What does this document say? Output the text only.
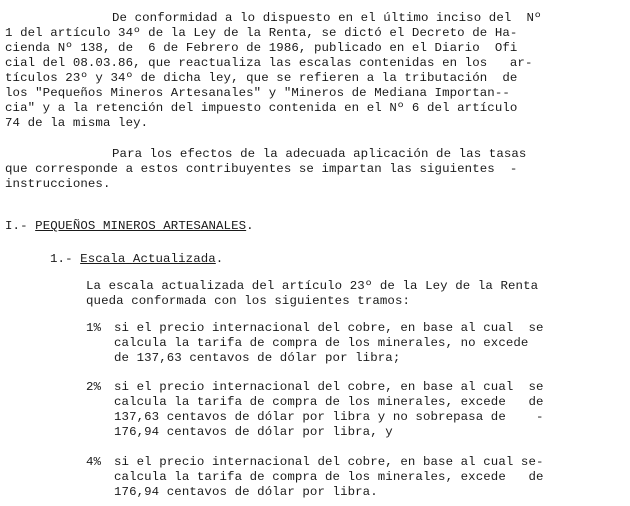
De conformidad a lo dispuesto en el último inciso del  Nº
1 del artículo 34º de la Ley de la Renta, se dictó el Decreto de Ha-
cienda Nº 138, de  6 de Febrero de 1986, publicado en el Diario  Ofi
cial del 08.03.86, que reactualiza las escalas contenidas en los   ar-
tículos 23º y 34º de dicha ley, que se refieren a la tributación  de
los "Pequeños Mineros Artesanales" y "Mineros de Mediana Importan--
cia" y a la retención del impuesto contenida en el Nº 6 del artículo
74 de la misma ley.
Para los efectos de la adecuada aplicación de las tasas
que corresponde a estos contribuyentes se impartan las siguientes  -
instrucciones.
I.- PEQUEÑOS MINEROS ARTESANALES.
1.- Escala Actualizada.
La escala actualizada del artículo 23º de la Ley de la Renta
queda conformada con los siguientes tramos:
1% si el precio internacional del cobre, en base al cual  se
calcula la tarifa de compra de los minerales, no excede
de 137,63 centavos de dólar por libra;
2% si el precio internacional del cobre, en base al cual  se
calcula la tarifa de compra de los minerales, excede   de
137,63 centavos de dólar por libra y no sobrepasa de    -
176,94 centavos de dólar por libra, y
4% si el precio internacional del cobre, en base al cual se-
calcula la tarifa de compra de los minerales, excede   de
176,94 centavos de dólar por libra.
